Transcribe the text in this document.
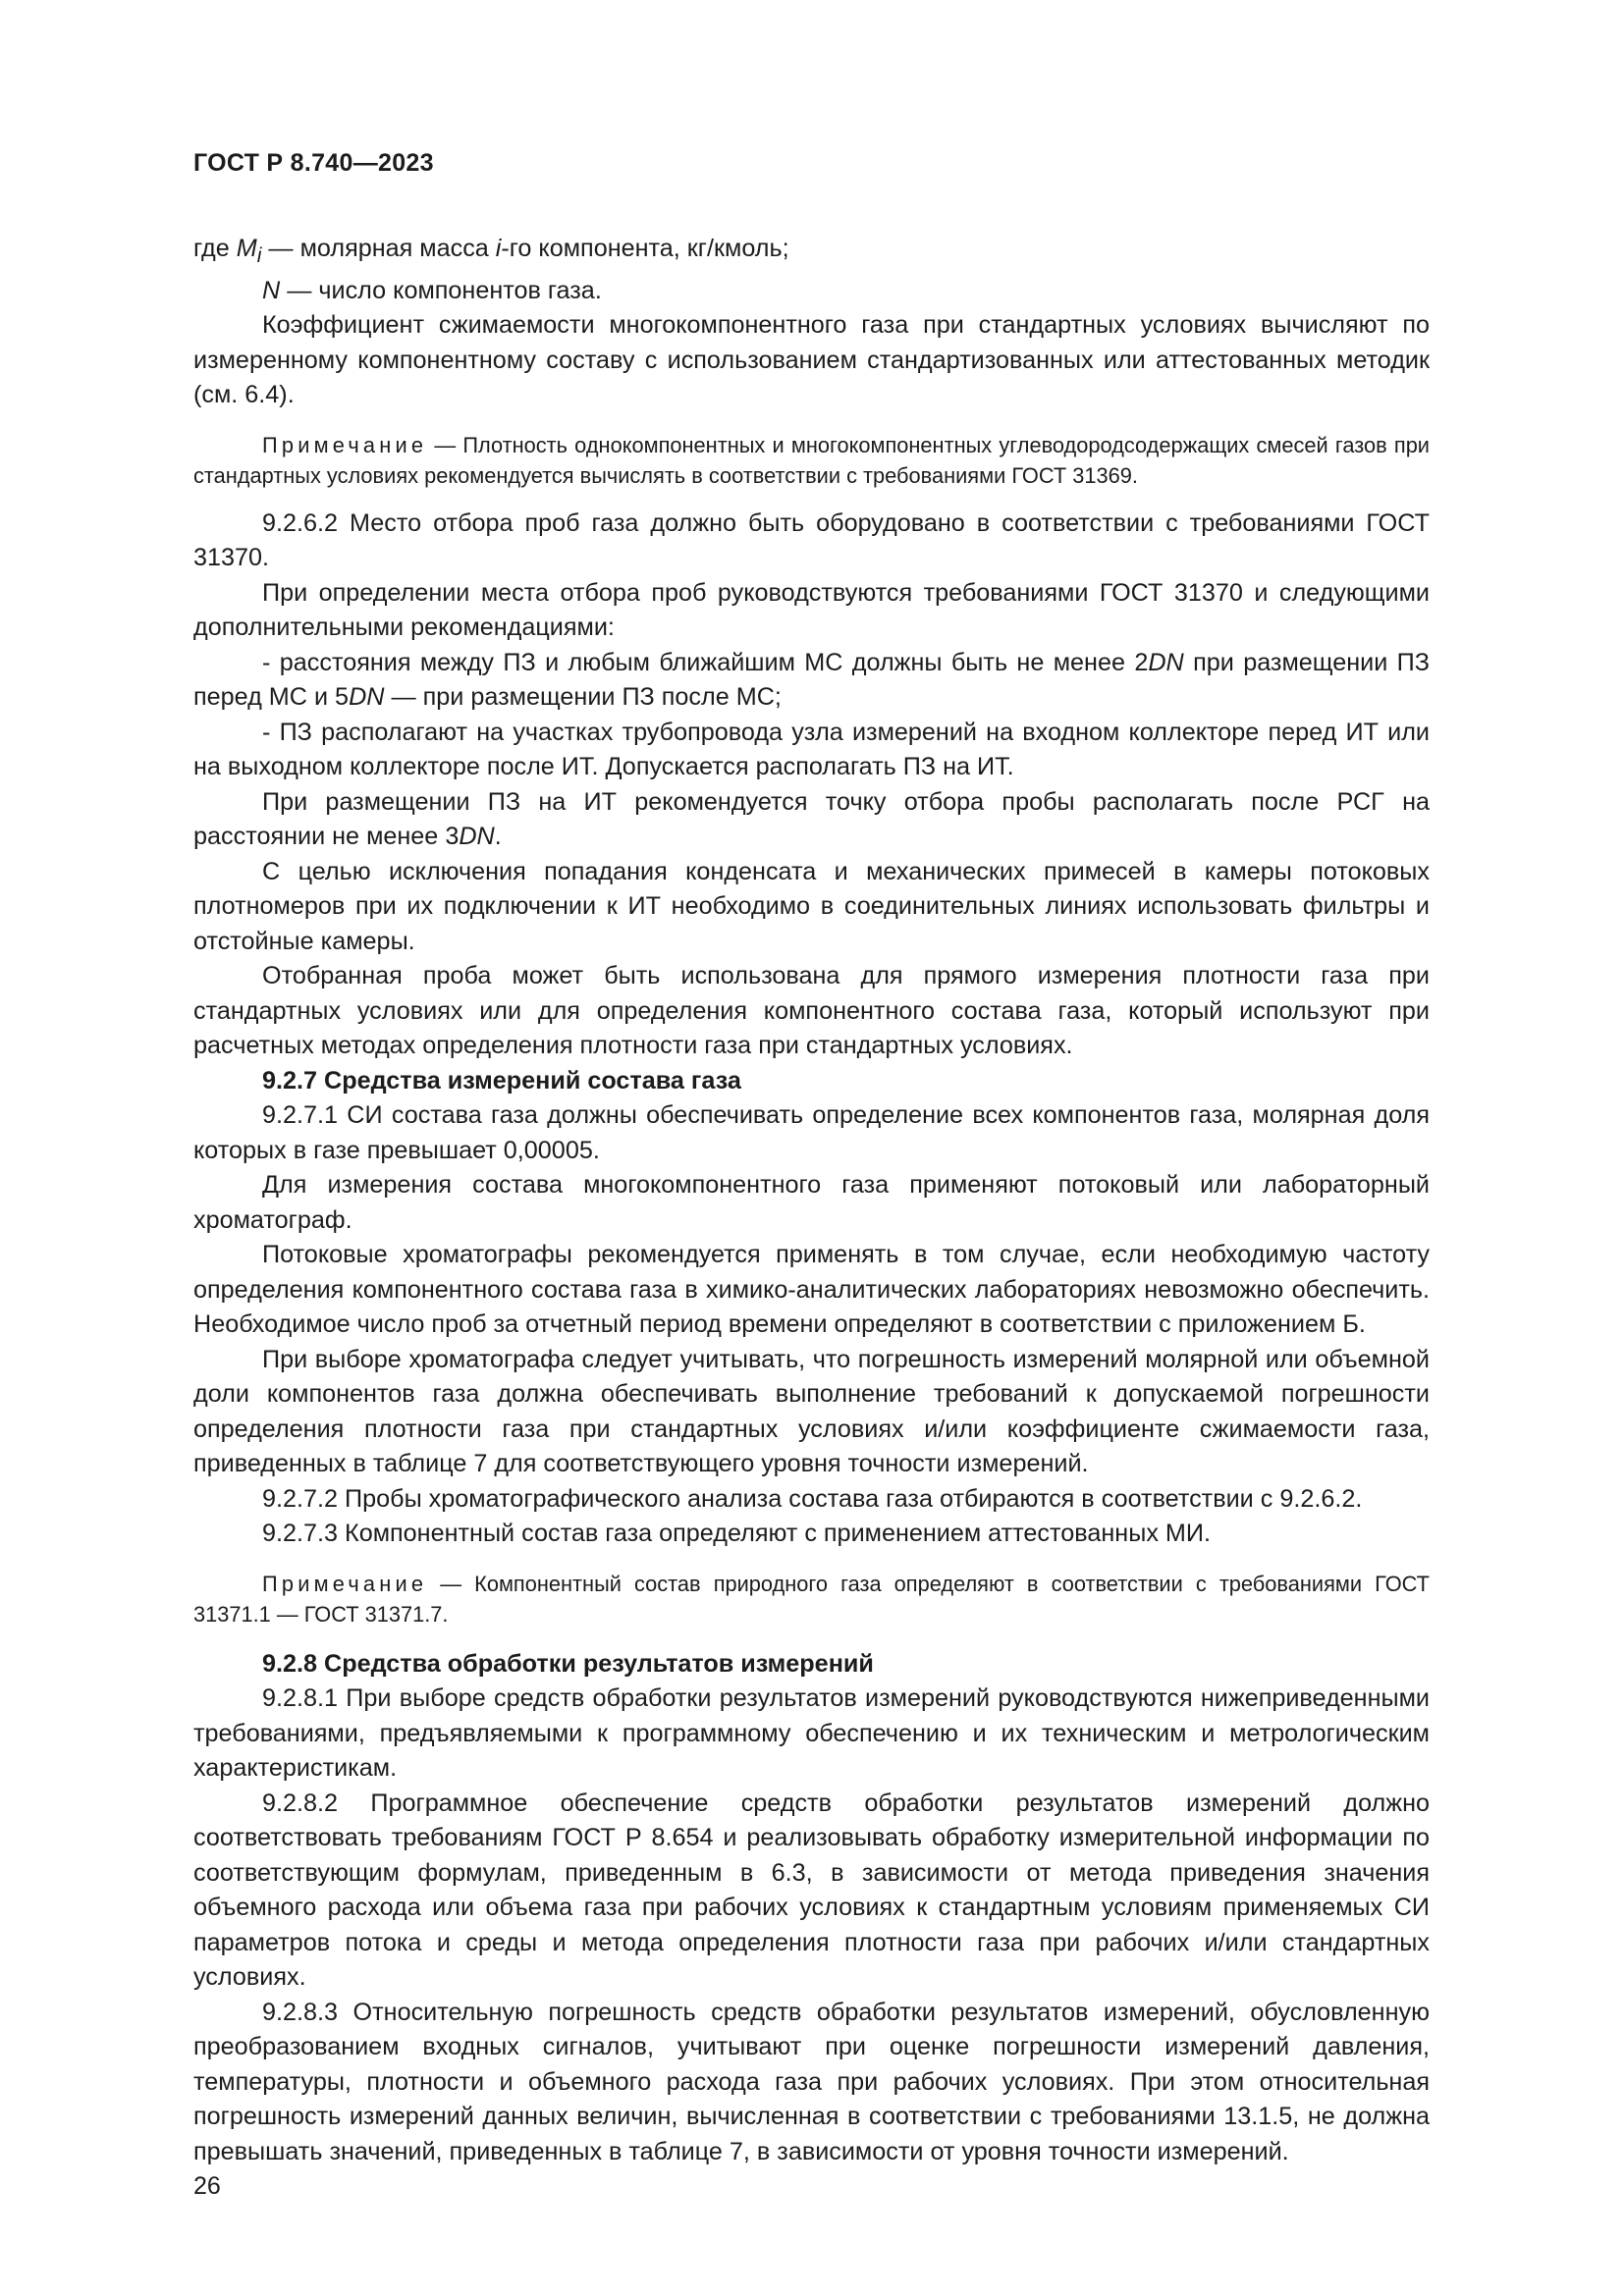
ГОСТ Р 8.740—2023

где $M_i$ — молярная масса i-го компонента, кг/кмоль;

N — число компонентов газа.

Коэффициент сжимаемости многокомпонентного газа при стандартных условиях вычисляют по измеренному компонентному составу с использованием стандартизованных или аттестованных методик (см. 6.4).

Примечание — Плотность однокомпонентных и многокомпонентных углеводородсодержащих смесей газов при стандартных условиях рекомендуется вычислять в соответствии с требованиями ГОСТ 31369.

9.2.6.2 Место отбора проб газа должно быть оборудовано в соответствии с требованиями ГОСТ 31370.

При определении места отбора проб руководствуются требованиями ГОСТ 31370 и следующими дополнительными рекомендациями:

- расстояния между ПЗ и любым ближайшим МС должны быть не менее 2DN при размещении ПЗ перед МС и 5DN — при размещении ПЗ после МС;

- ПЗ располагают на участках трубопровода узла измерений на входном коллекторе перед ИТ или на выходном коллекторе после ИТ. Допускается располагать ПЗ на ИТ.

При размещении ПЗ на ИТ рекомендуется точку отбора пробы располагать после РСГ на расстоянии не менее 3DN.

С целью исключения попадания конденсата и механических примесей в камеры потоковых плотномеров при их подключении к ИТ необходимо в соединительных линиях использовать фильтры и отстойные камеры.

Отобранная проба может быть использована для прямого измерения плотности газа при стандартных условиях или для определения компонентного состава газа, который используют при расчетных методах определения плотности газа при стандартных условиях.

9.2.7 Средства измерений состава газа

9.2.7.1 СИ состава газа должны обеспечивать определение всех компонентов газа, молярная доля которых в газе превышает 0,00005.

Для измерения состава многокомпонентного газа применяют потоковый или лабораторный хроматограф.

Потоковые хроматографы рекомендуется применять в том случае, если необходимую частоту определения компонентного состава газа в химико-аналитических лабораториях невозможно обеспечить. Необходимое число проб за отчетный период времени определяют в соответствии с приложением Б.

При выборе хроматографа следует учитывать, что погрешность измерений молярной или объемной доли компонентов газа должна обеспечивать выполнение требований к допускаемой погрешности определения плотности газа при стандартных условиях и/или коэффициенте сжимаемости газа, приведенных в таблице 7 для соответствующего уровня точности измерений.

9.2.7.2 Пробы хроматографического анализа состава газа отбираются в соответствии с 9.2.6.2.

9.2.7.3 Компонентный состав газа определяют с применением аттестованных МИ.

Примечание — Компонентный состав природного газа определяют в соответствии с требованиями ГОСТ 31371.1 — ГОСТ 31371.7.

9.2.8 Средства обработки результатов измерений

9.2.8.1 При выборе средств обработки результатов измерений руководствуются нижеприведенными требованиями, предъявляемыми к программному обеспечению и их техническим и метрологическим характеристикам.

9.2.8.2 Программное обеспечение средств обработки результатов измерений должно соответствовать требованиям ГОСТ Р 8.654 и реализовывать обработку измерительной информации по соответствующим формулам, приведенным в 6.3, в зависимости от метода приведения значения объемного расхода или объема газа при рабочих условиях к стандартным условиям применяемых СИ параметров потока и среды и метода определения плотности газа при рабочих и/или стандартных условиях.

9.2.8.3 Относительную погрешность средств обработки результатов измерений, обусловленную преобразованием входных сигналов, учитывают при оценке погрешности измерений давления, температуры, плотности и объемного расхода газа при рабочих условиях. При этом относительная погрешность измерений данных величин, вычисленная в соответствии с требованиями 13.1.5, не должна превышать значений, приведенных в таблице 7, в зависимости от уровня точности измерений.

26
